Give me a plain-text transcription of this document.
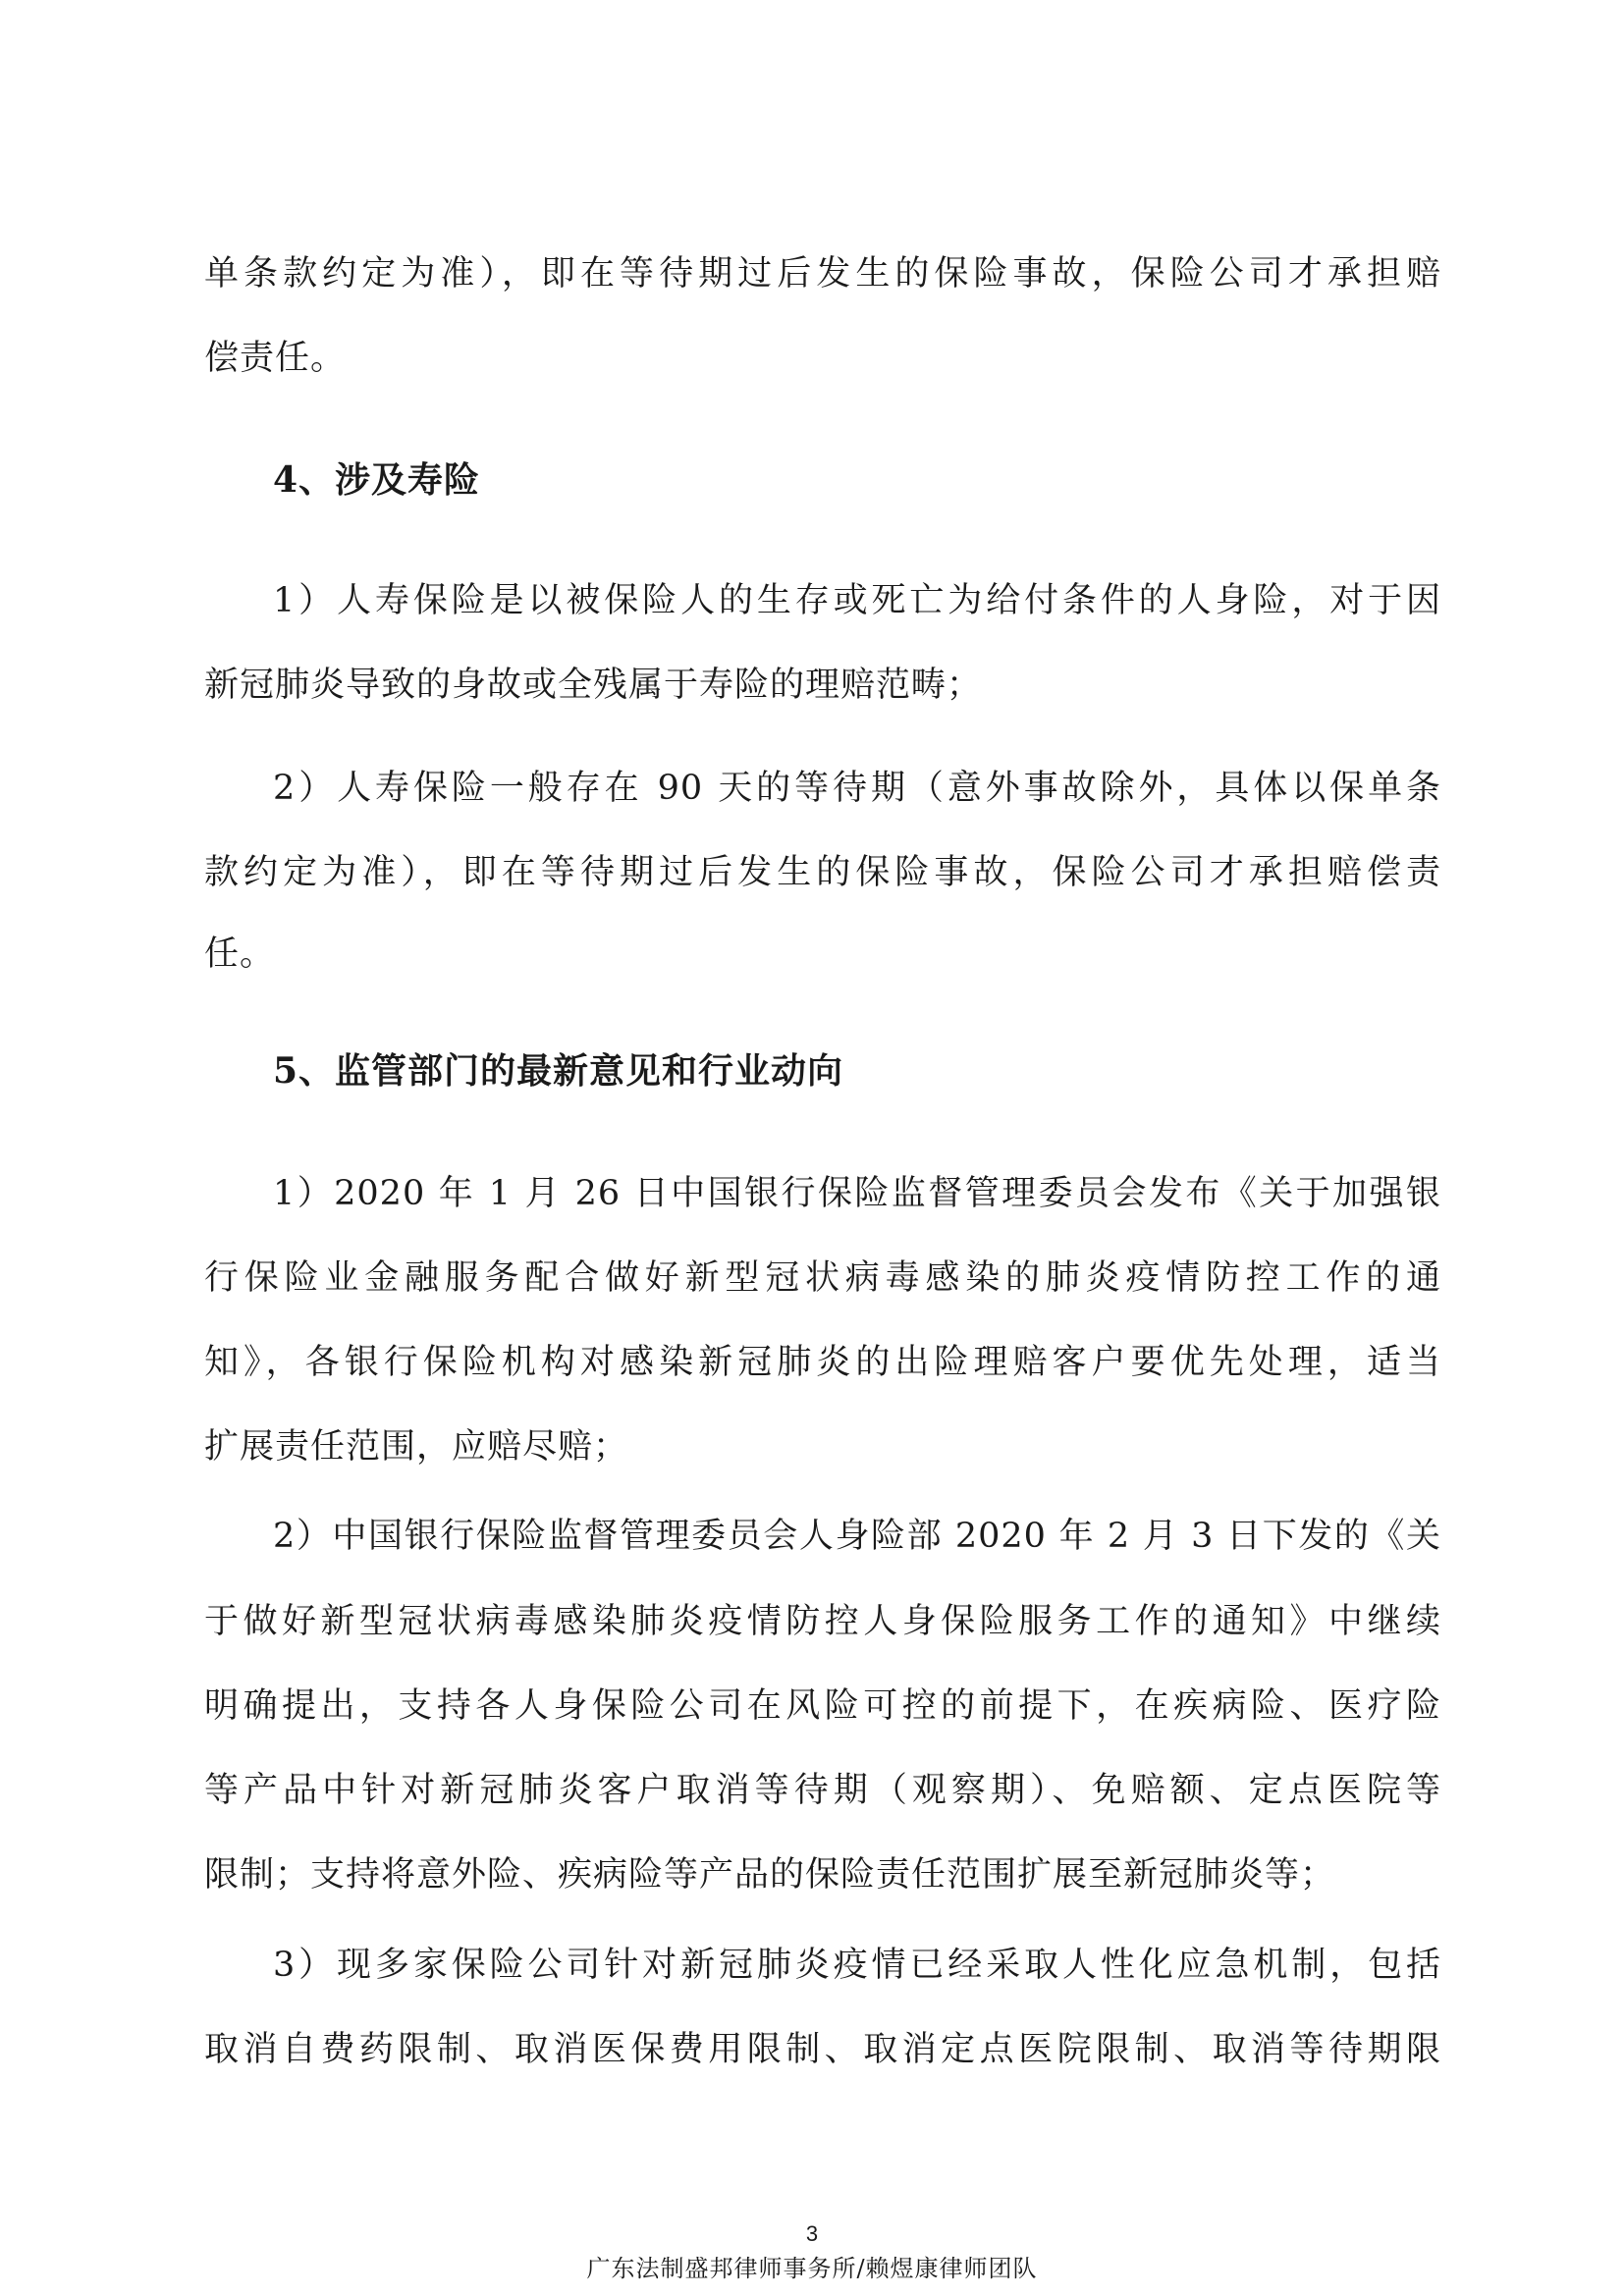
单条款约定为准），即在等待期过后发生的保险事故，保险公司才承担赔
偿责任。
4、涉及寿险
1）人寿保险是以被保险人的生存或死亡为给付条件的人身险，对于因
新冠肺炎导致的身故或全残属于寿险的理赔范畴；
2）人寿保险一般存在 90 天的等待期（意外事故除外，具体以保单条
款约定为准），即在等待期过后发生的保险事故，保险公司才承担赔偿责
任。
5、监管部门的最新意见和行业动向
1）2020 年 1 月 26 日中国银行保险监督管理委员会发布《关于加强银
行保险业金融服务配合做好新型冠状病毒感染的肺炎疫情防控工作的通
知》，各银行保险机构对感染新冠肺炎的出险理赔客户要优先处理，适当
扩展责任范围，应赔尽赔；
2）中国银行保险监督管理委员会人身险部 2020 年 2 月 3 日下发的《关
于做好新型冠状病毒感染肺炎疫情防控人身保险服务工作的通知》中继续
明确提出，支持各人身保险公司在风险可控的前提下，在疾病险、医疗险
等产品中针对新冠肺炎客户取消等待期（观察期）、免赔额、定点医院等
限制；支持将意外险、疾病险等产品的保险责任范围扩展至新冠肺炎等；
3）现多家保险公司针对新冠肺炎疫情已经采取人性化应急机制，包括
取消自费药限制、取消医保费用限制、取消定点医院限制、取消等待期限
3
广东法制盛邦律师事务所/赖煜康律师团队
